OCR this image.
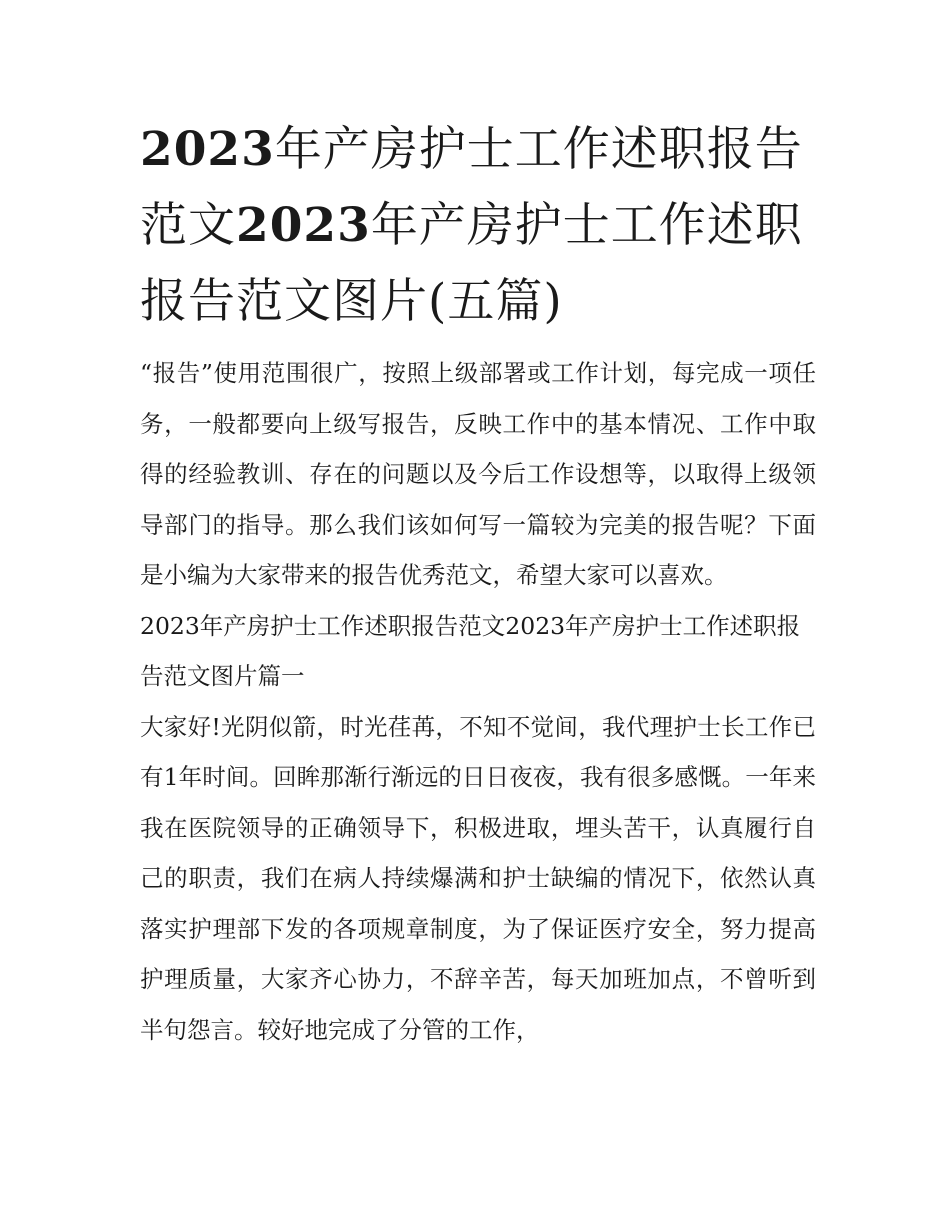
2023年产房护士工作述职报告范文2023年产房护士工作述职报告范文图片(五篇)

“报告”使用范围很广，按照上级部署或工作计划，每完成一项任务，一般都要向上级写报告，反映工作中的基本情况、工作中取得的经验教训、存在的问题以及今后工作设想等，以取得上级领导部门的指导。那么我们该如何写一篇较为完美的报告呢？下面是小编为大家带来的报告优秀范文，希望大家可以喜欢。

2023年产房护士工作述职报告范文2023年产房护士工作述职报告范文图片篇一

大家好!光阴似箭，时光荏苒，不知不觉间，我代理护士长工作已有1年时间。回眸那渐行渐远的日日夜夜，我有很多感慨。一年来我在医院领导的正确领导下，积极进取，埋头苦干，认真履行自己的职责，我们在病人持续爆满和护士缺编的情况下，依然认真落实护理部下发的各项规章制度，为了保证医疗安全，努力提高护理质量，大家齐心协力，不辞辛苦，每天加班加点，不曾听到半句怨言。较好地完成了分管的工作，
